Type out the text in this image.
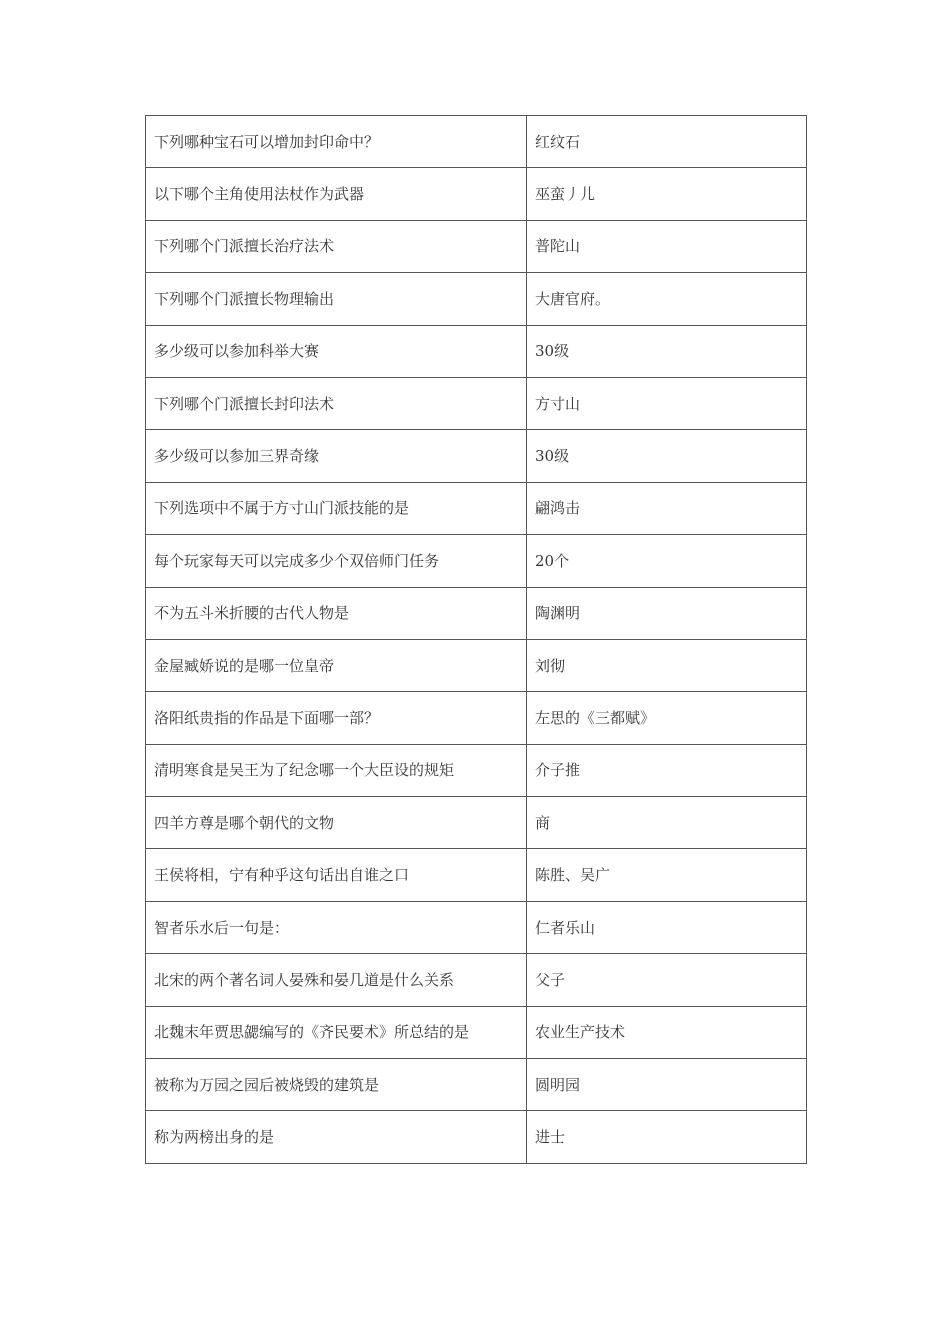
下列哪种宝石可以增加封印命中？	红纹石
以下哪个主角使用法杖作为武器	巫蛮丿儿
下列哪个门派擅长治疗法术	普陀山
下列哪个门派擅长物理输出	大唐官府。
多少级可以参加科举大赛	30级
下列哪个门派擅长封印法术	方寸山
多少级可以参加三界奇缘	30级
下列选项中不属于方寸山门派技能的是	翩鸿击
每个玩家每天可以完成多少个双倍师门任务	20个
不为五斗米折腰的古代人物是	陶渊明
金屋臧娇说的是哪一位皇帝	刘彻
洛阳纸贵指的作品是下面哪一部？	左思的《三都赋》
清明寒食是吴王为了纪念哪一个大臣设的规矩	介子推
四羊方尊是哪个朝代的文物	商
王侯将相，宁有种乎这句话出自谁之口	陈胜、吴广
智者乐水后一句是：	仁者乐山
北宋的两个著名词人晏殊和晏几道是什么关系	父子
北魏末年贾思勰编写的《齐民要术》所总结的是	农业生产技术
被称为万园之园后被烧毁的建筑是	圆明园
称为两榜出身的是	进士
